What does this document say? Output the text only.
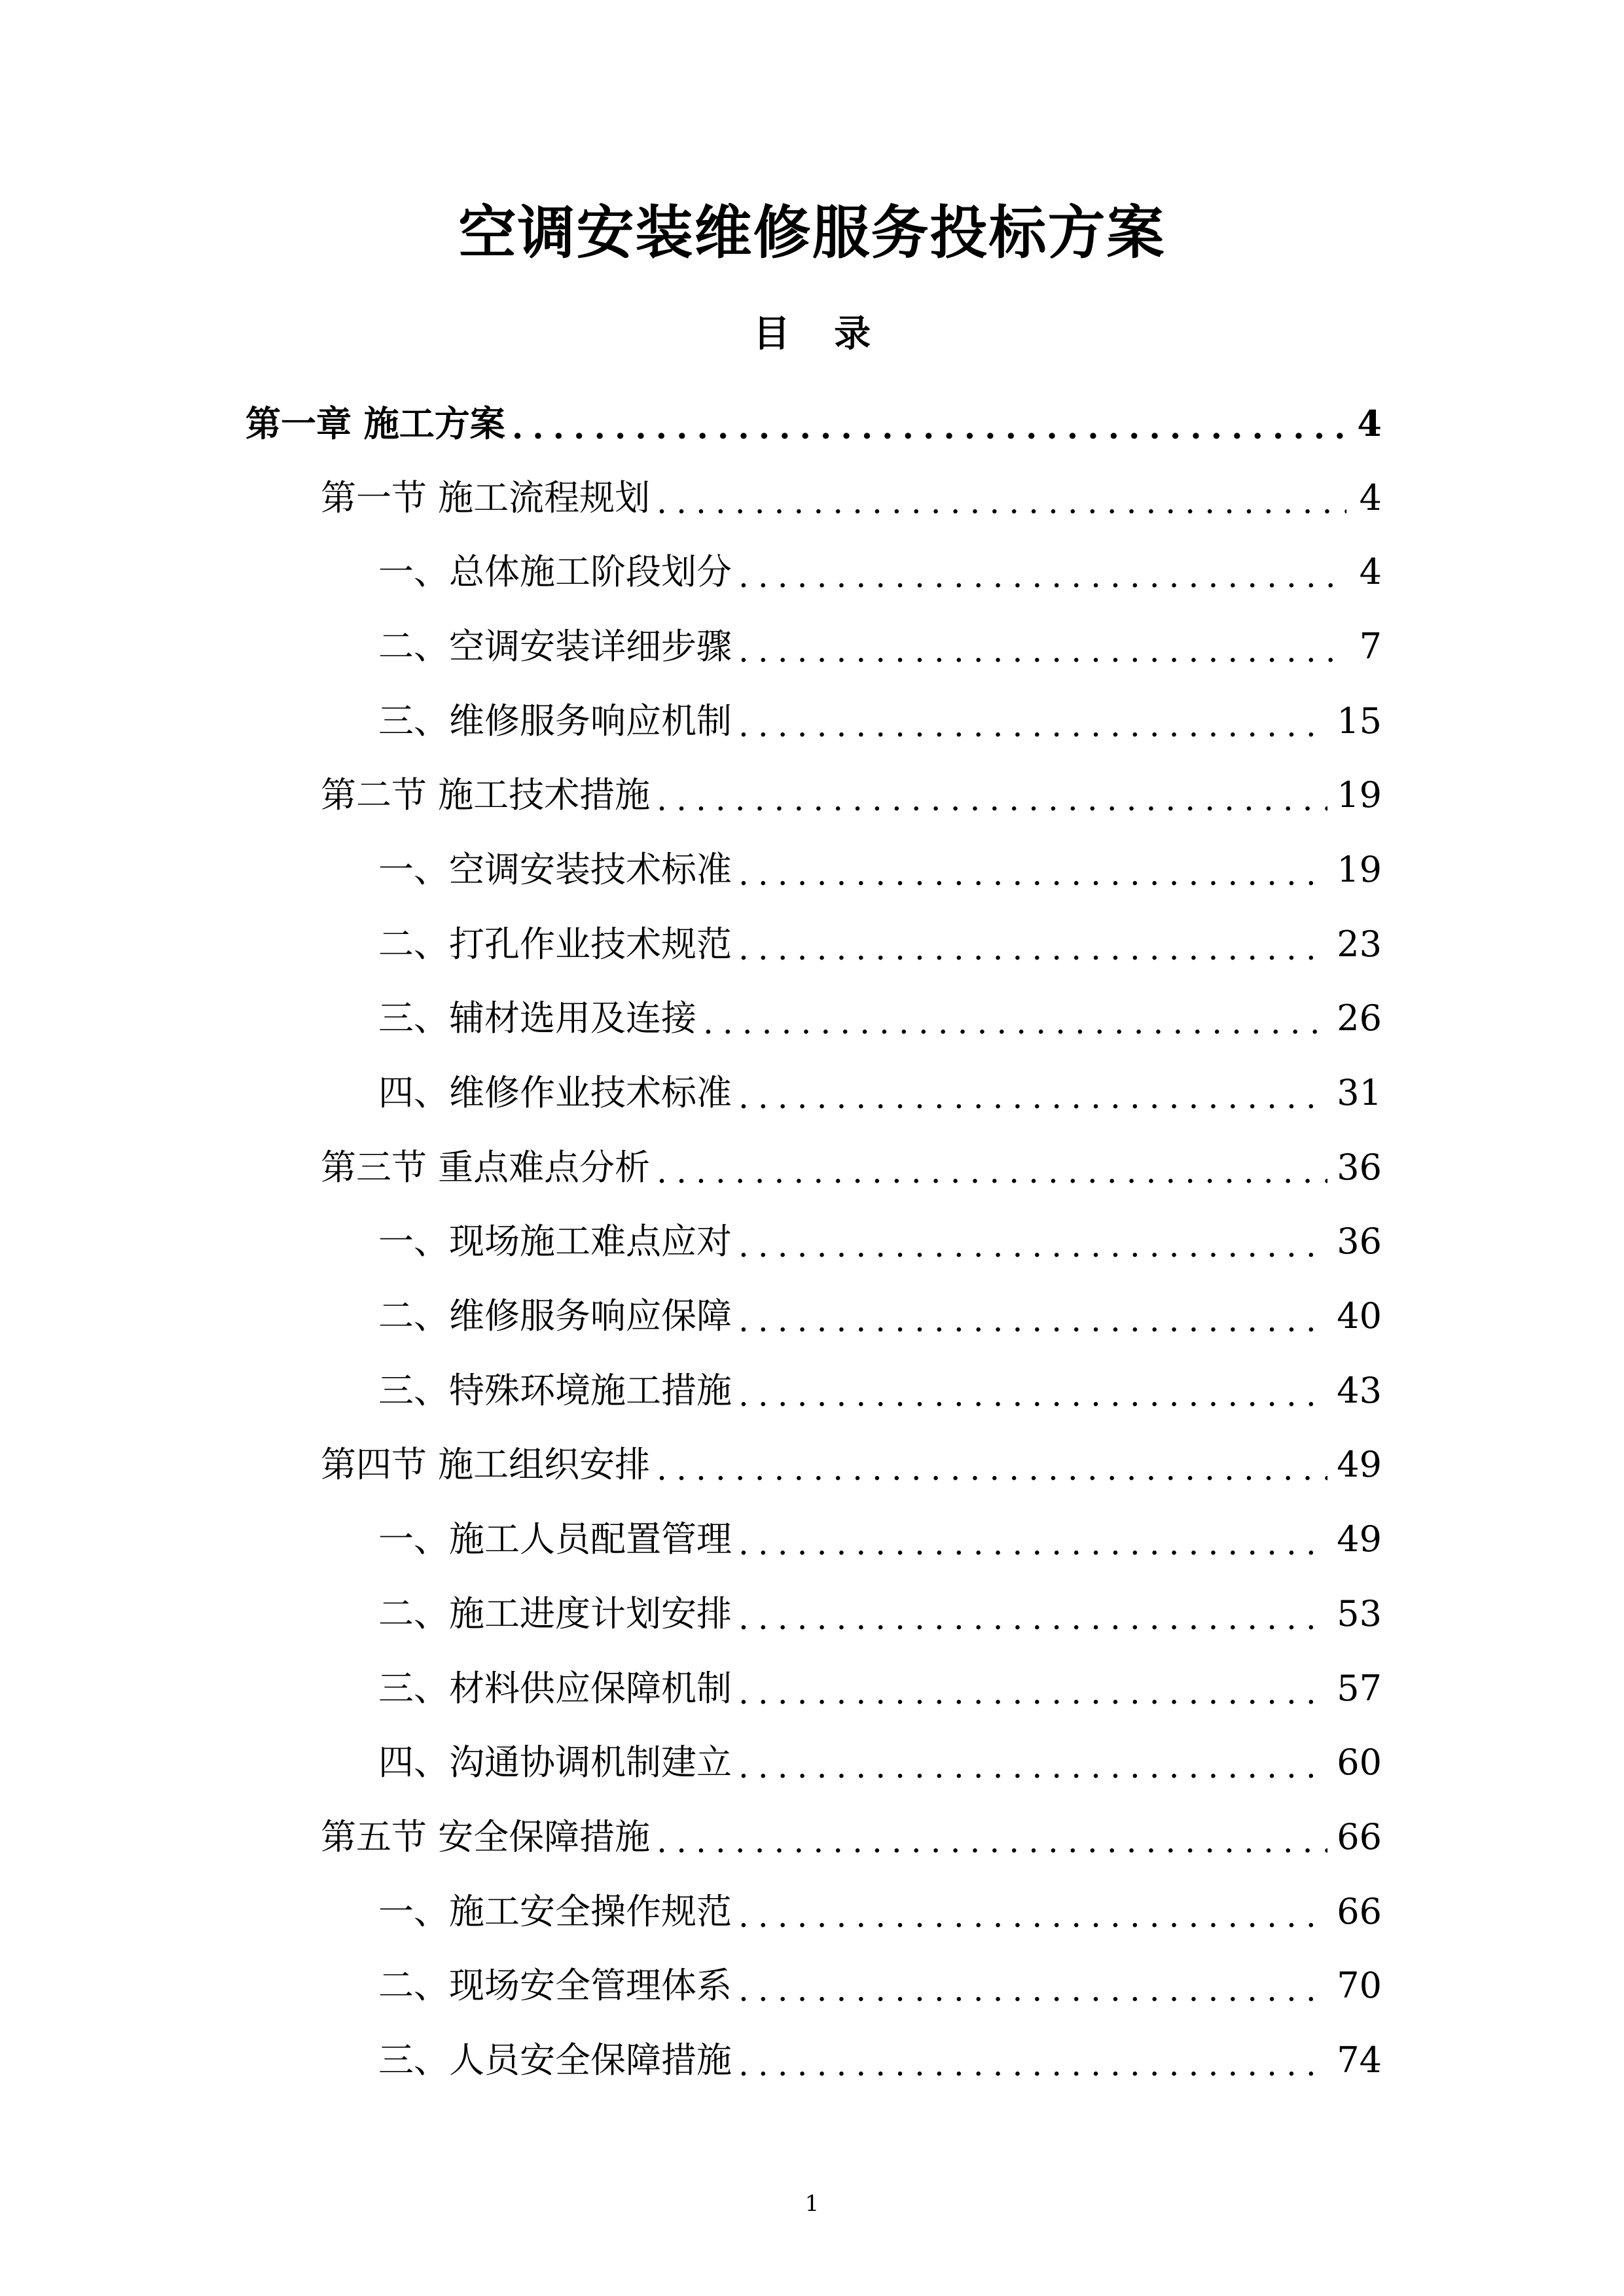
空调安装维修服务投标方案
目 录
第一章 施工方案 .....	4
第一节 施工流程规划 .....	4
一、总体施工阶段划分 .....	4
二、空调安装详细步骤 .....	7
三、维修服务响应机制 .....	15
第二节 施工技术措施 .....	19
一、空调安装技术标准 .....	19
二、打孔作业技术规范 .....	23
三、辅材选用及连接 .....	26
四、维修作业技术标准 .....	31
第三节 重点难点分析 .....	36
一、现场施工难点应对 .....	36
二、维修服务响应保障 .....	40
三、特殊环境施工措施 .....	43
第四节 施工组织安排 .....	49
一、施工人员配置管理 .....	49
二、施工进度计划安排 .....	53
三、材料供应保障机制 .....	57
四、沟通协调机制建立 .....	60
第五节 安全保障措施 .....	66
一、施工安全操作规范 .....	66
二、现场安全管理体系 .....	70
三、人员安全保障措施 .....	74
1
